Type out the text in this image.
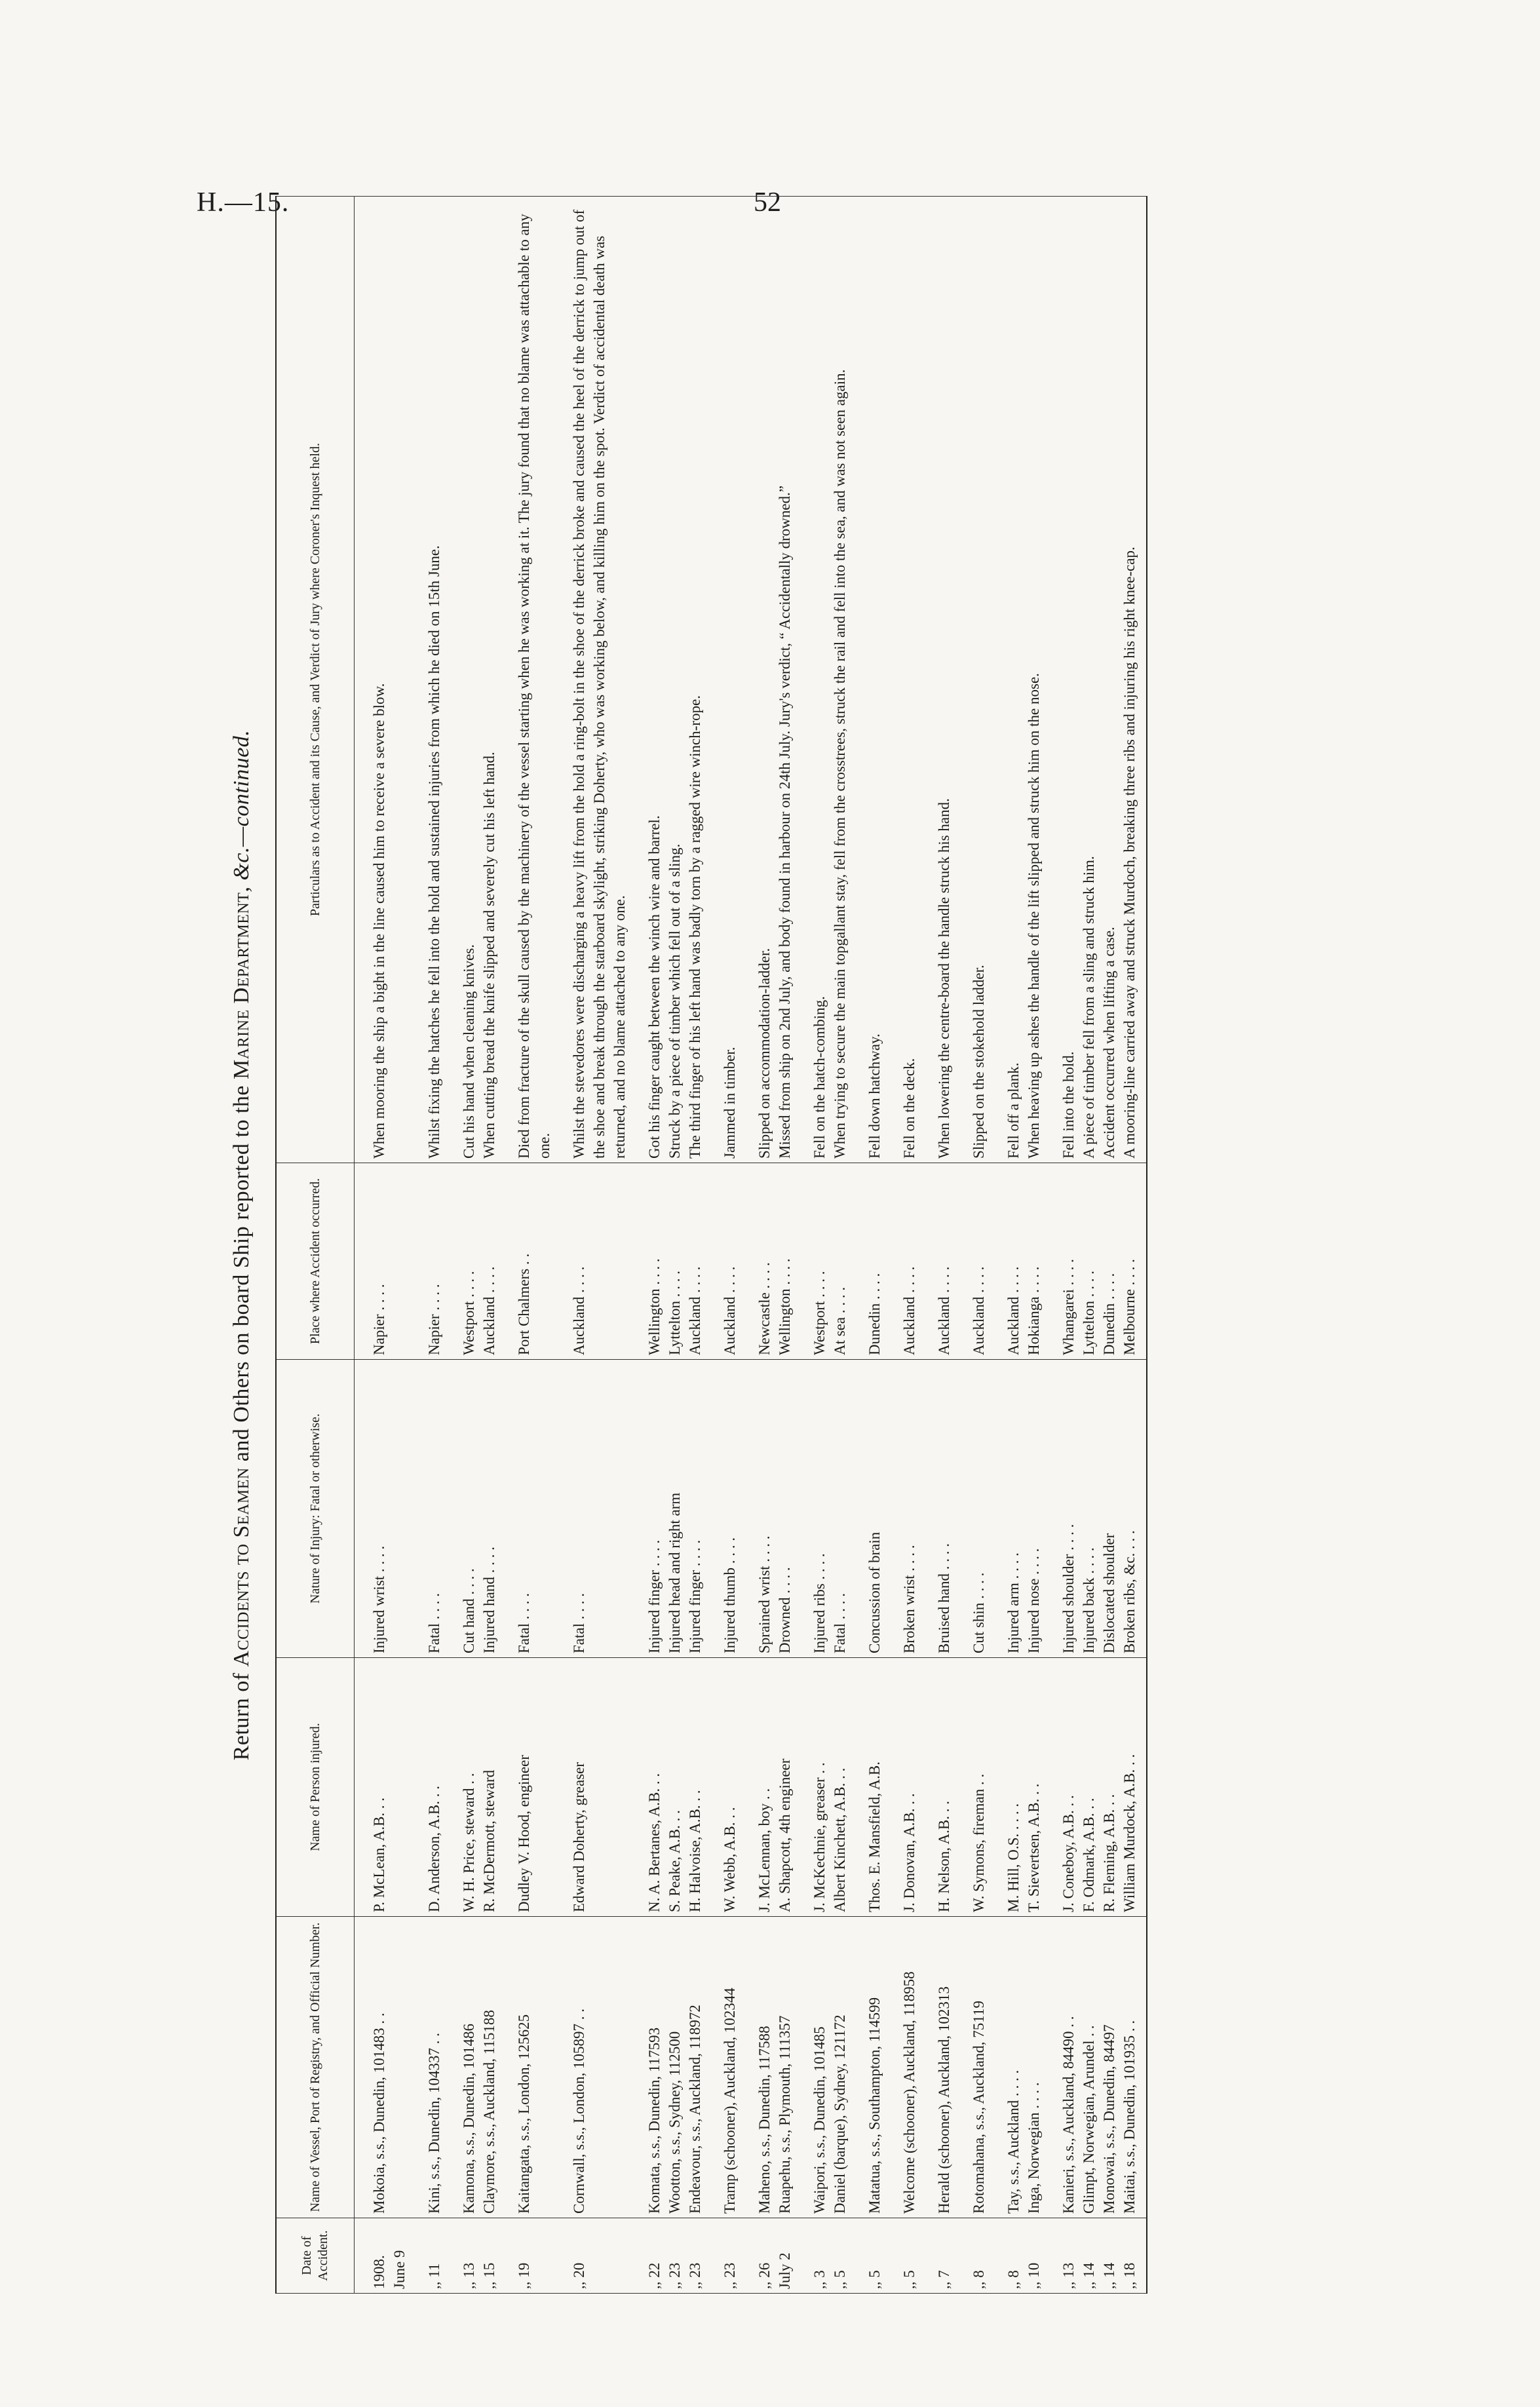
H.—15.	52
Return of Accidents to Seamen and Others on board Ship reported to the Marine Department, &c.—continued.
Date of Accident.	Name of Vessel, Port of Registry, and Official Number.	Name of Person injured.	Nature of Injury: Fatal or otherwise.	Place where Accident occurred.	Particulars as to Accident and its Cause, and Verdict of Jury where Coroner's Inquest held.

1908. June 9	Mokoia, s.s., Dunedin, 101483 . .	P. McLean, A.B. . .	Injured wrist . . . .	Napier . . . .	When mooring the ship a bight in the line caused him to receive a severe blow.
,, 11	Kini, s.s., Dunedin, 104337 . .	D. Anderson, A.B. . .	Fatal . . . .	Napier . . . .	Whilst fixing the hatches he fell into the hold and sustained injuries from which he died on 15th June.
,, 13	Kamona, s.s., Dunedin, 101486	W. H. Price, steward . .	Cut hand . . . .	Westport . . . .	Cut his hand when cleaning knives.
,, 15	Claymore, s.s., Auckland, 115188	R. McDermott, steward	Injured hand . . . .	Auckland . . . .	When cutting bread the knife slipped and severely cut his left hand.
,, 19	Kaitangata, s.s., London, 125625	Dudley V. Hood, engineer	Fatal . . . .	Port Chalmers . .	Died from fracture of the skull caused by the machinery of the vessel starting when he was working at it. The jury found that no blame was attachable to any one.
,, 20	Cornwall, s.s., London, 105897 . .	Edward Doherty, greaser	Fatal . . . .	Auckland . . . .	Whilst the stevedores were discharging a heavy lift from the hold a ring-bolt in the shoe of the derrick broke and caused the heel of the derrick to jump out of the shoe and break through the starboard skylight, striking Doherty, who was working below, and killing him on the spot. Verdict of accidental death was returned, and no blame attached to any one.
,, 22	Komata, s.s., Dunedin, 117593	N. A. Bertanes, A.B. . .	Injured finger . . . .	Wellington . . . .	Got his finger caught between the winch wire and barrel.
,, 23	Wootton, s.s., Sydney, 112500	S. Peake, A.B. . .	Injured head and right arm	Lyttelton . . . .	Struck by a piece of timber which fell out of a sling.
,, 23	Endeavour, s.s., Auckland, 118972	H. Halvoise, A.B. . .	Injured finger . . . .	Auckland . . . .	The third finger of his left hand was badly torn by a ragged wire winch-rope.
,, 23	Tramp (schooner), Auckland, 102344	W. Webb, A.B. . .	Injured thumb . . . .	Auckland . . . .	Jammed in timber.
,, 26	Maheno, s.s., Dunedin, 117588	J. McLennan, boy . .	Sprained wrist . . . .	Newcastle . . . .	Slipped on accommodation-ladder.
July 2	Ruapehu, s.s., Plymouth, 111357	A. Shapcott, 4th engineer	Drowned . . . .	Wellington . . . .	Missed from ship on 2nd July, and body found in harbour on 24th July. Jury's verdict, “ Accidentally drowned.”
,, 3	Waipori, s.s., Dunedin, 101485	J. McKechnie, greaser . .	Injured ribs . . . .	Westport . . . .	Fell on the hatch-combing.
,, 5	Daniel (barque), Sydney, 121172	Albert Kinchett, A.B. . .	Fatal . . . .	At sea . . . .	When trying to secure the main topgallant stay, fell from the crosstrees, struck the rail and fell into the sea, and was not seen again.
,, 5	Matatua, s.s., Southampton, 114599	Thos. E. Mansfield, A.B.	Concussion of brain	Dunedin . . . .	Fell down hatchway.
,, 5	Welcome (schooner), Auckland, 118958	J. Donovan, A.B. . .	Broken wrist . . . .	Auckland . . . .	Fell on the deck.
,, 7	Herald (schooner), Auckland, 102313	H. Nelson, A.B. . .	Bruised hand . . . .	Auckland . . . .	When lowering the centre-board the handle struck his hand.
,, 8	Rotomahana, s.s., Auckland, 75119	W. Symons, fireman . .	Cut shin . . . .	Auckland . . . .	Slipped on the stokehold ladder.
,, 8	Tay, s.s., Auckland . . . .	M. Hill, O.S. . . . .	Injured arm . . . .	Auckland . . . .	Fell off a plank.
,, 10	Inga, Norwegian . . . .	T. Sievertsen, A.B. . .	Injured nose . . . .	Hokianga . . . .	When heaving up ashes the handle of the lift slipped and struck him on the nose.
,, 13	Kanieri, s.s., Auckland, 84490 . .	J. Coneboy, A.B. . .	Injured shoulder . . . .	Whangarei . . . .	Fell into the hold.
,, 14	Glimpt, Norwegian, Arundel . .	F. Odmark, A.B. . .	Injured back . . . .	Lyttelton . . . .	A piece of timber fell from a sling and struck him.
,, 14	Monowai, s.s., Dunedin, 84497	R. Fleming, A.B. . .	Dislocated shoulder	Dunedin . . . .	Accident occurred when lifting a case.
,, 18	Maitai, s.s., Dunedin, 101935 . .	William Murdock, A.B. . .	Broken ribs, &c. . . .	Melbourne . . . .	A mooring-line carried away and struck Murdoch, breaking three ribs and injuring his right knee-cap.
